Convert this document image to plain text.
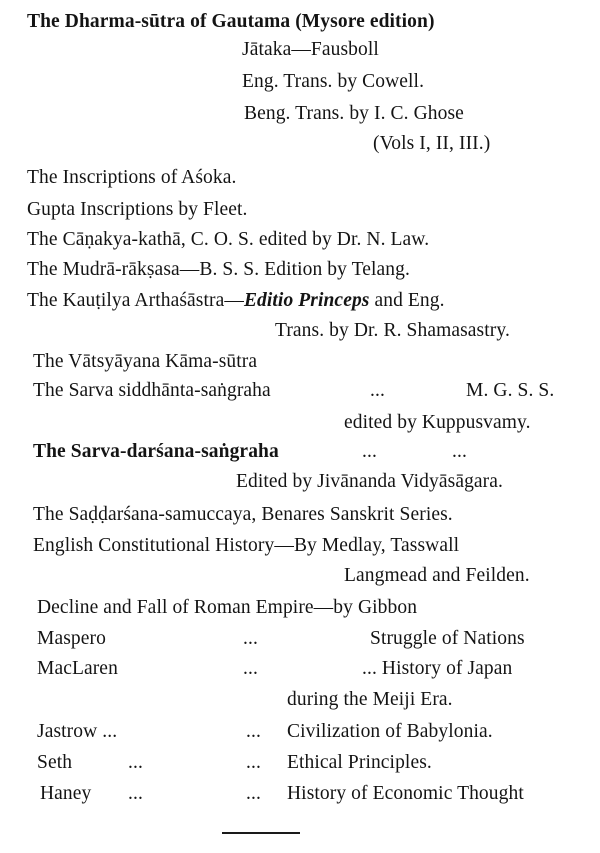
The Dharma-sūtra of Gautama (Mysore edition)
Jātaka—Fausboll
Eng. Trans. by Cowell.
Beng. Trans. by I. C. Ghose
(Vols I, II, III.)
The Inscriptions of Aśoka.
Gupta Inscriptions by Fleet.
The Cāṇakya-kathā, C. O. S. edited by Dr. N. Law.
The Mudrā-rākṣasa—B. S. S. Edition by Telang.
The Kauṭilya Arthaśāstra—Editio Princeps and Eng.
Trans. by Dr. R. Shamasastry.
The Vātsyāyana Kāma-sūtra
The Sarva siddhānta-saṅgraha	...	M. G. S. S.
edited by Kuppusvamy.
The Sarva-darśana-saṅgraha	...	...
Edited by Jivānanda Vidyāsāgara.
The Saḍḍarśana-samuccaya, Benares Sanskrit Series.
English Constitutional History—By Medlay, Tasswall
Langmead and Feilden.
Decline and Fall of Roman Empire—by Gibbon
Maspero	...	Struggle of Nations
MacLaren	...	... History of Japan
during the Meiji Era.
Jastrow ...	... Civilization of Babylonia.
Seth	...	... Ethical Principles.
Haney ...	... History of Economic Thought
